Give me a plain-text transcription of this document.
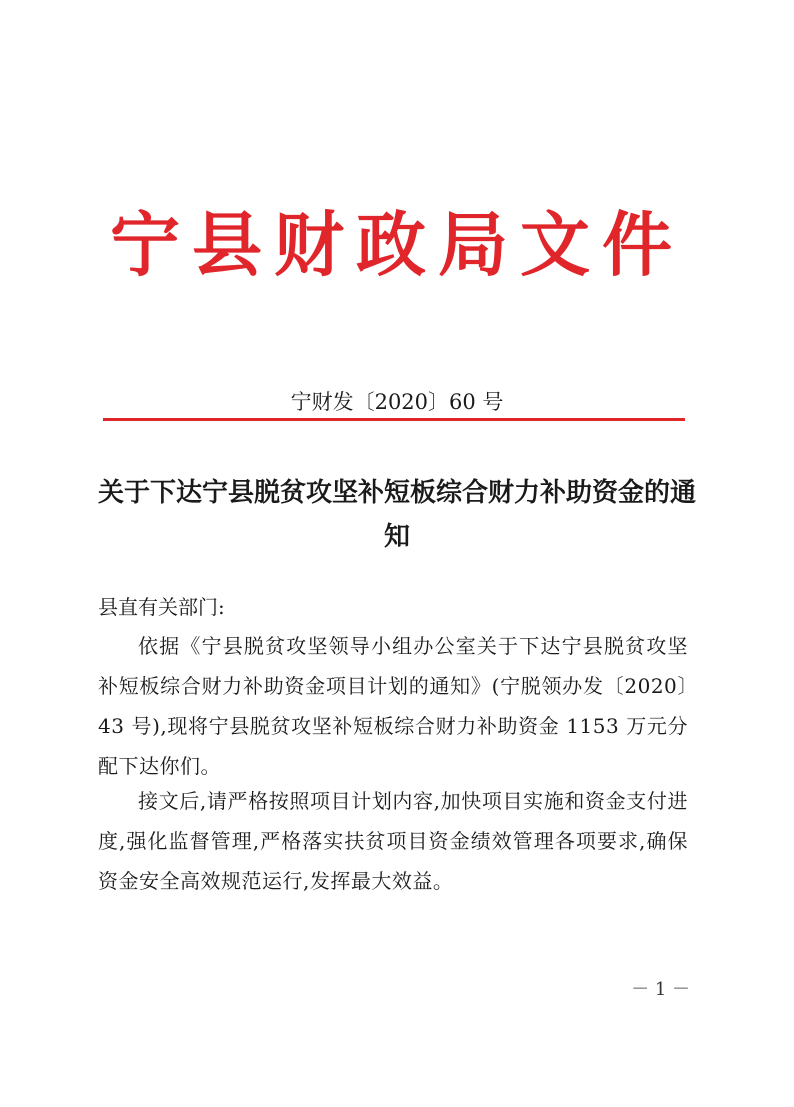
宁县财政局文件
宁财发〔2020〕60 号
关于下达宁县脱贫攻坚补短板综合财力补助资金的通知
县直有关部门:
依据《宁县脱贫攻坚领导小组办公室关于下达宁县脱贫攻坚补短板综合财力补助资金项目计划的通知》(宁脱领办发〔2020〕43 号),现将宁县脱贫攻坚补短板综合财力补助资金 1153 万元分配下达你们。
接文后,请严格按照项目计划内容,加快项目实施和资金支付进度,强化监督管理,严格落实扶贫项目资金绩效管理各项要求,确保资金安全高效规范运行,发挥最大效益。
－ 1 －
